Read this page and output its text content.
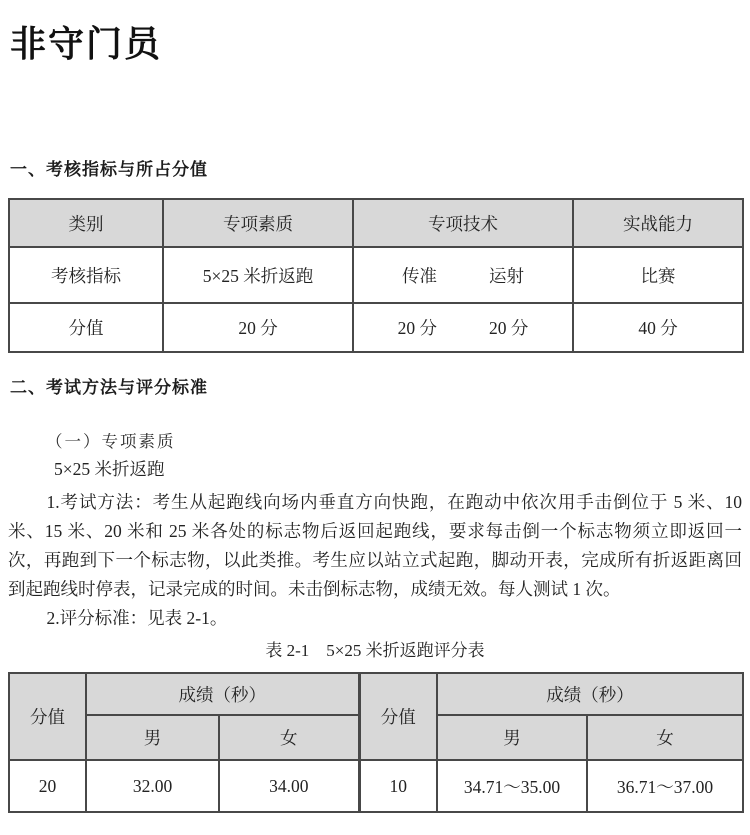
非守门员
一、考核指标与所占分值
类别	专项素质	专项技术	实战能力
考核指标	5×25 米折返跑	传准 运射	比赛
分值	20 分	20 分 20 分	40 分
二、考试方法与评分标准
（一）专项素质
5×25 米折返跑

1.考试方法：考生从起跑线向场内垂直方向快跑，在跑动中依次用手击倒位于 5 米、10 米、15 米、20 米和 25 米各处的标志物后返回起跑线，要求每击倒一个标志物须立即返回一次，再跑到下一个标志物，以此类推。考生应以站立式起跑，脚动开表，完成所有折返距离回到起跑线时停表，记录完成的时间。未击倒标志物，成绩无效。每人测试 1 次。

2.评分标准：见表 2-1。

表 2-1　5×25 米折返跑评分表
分值	成绩（秒）		分值	成绩（秒）	
	男	女		男	女
20	32.00	34.00	10	34.71～35.00	36.71～37.00
